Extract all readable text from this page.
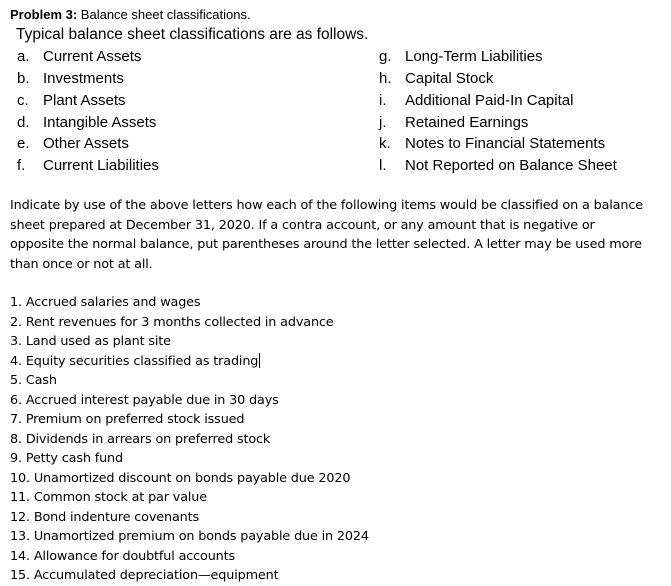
Problem 3: Balance sheet classifications.
Typical balance sheet classifications are as follows.
a. Current Assets
b. Investments
c. Plant Assets
d. Intangible Assets
e. Other Assets
f. Current Liabilities
g. Long-Term Liabilities
h. Capital Stock
i. Additional Paid-In Capital
j. Retained Earnings
k. Notes to Financial Statements
l. Not Reported on Balance Sheet
Indicate by use of the above letters how each of the following items would be classified on a balance sheet prepared at December 31, 2020. If a contra account, or any amount that is negative or opposite the normal balance, put parentheses around the letter selected. A letter may be used more than once or not at all.
1. Accrued salaries and wages
2. Rent revenues for 3 months collected in advance
3. Land used as plant site
4. Equity securities classified as trading
5. Cash
6. Accrued interest payable due in 30 days
7. Premium on preferred stock issued
8. Dividends in arrears on preferred stock
9. Petty cash fund
10. Unamortized discount on bonds payable due 2020
11. Common stock at par value
12. Bond indenture covenants
13. Unamortized premium on bonds payable due in 2024
14. Allowance for doubtful accounts
15. Accumulated depreciation—equipment
